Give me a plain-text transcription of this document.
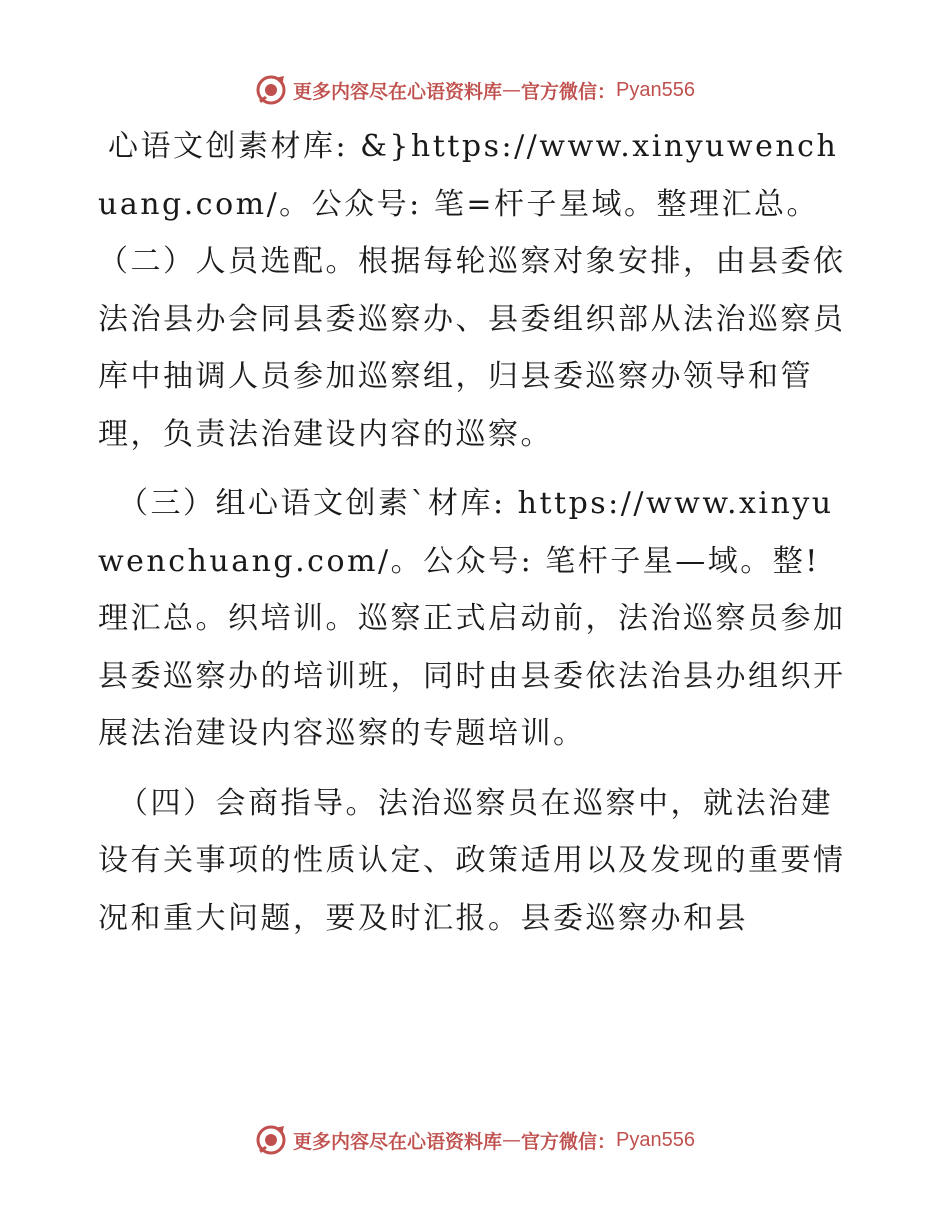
更多内容尽在心语资料库 — 官方微信： Pyan556

心语文创素材库: &}https://www.xinyuwenchuang.com/。公众号: 笔=杆子星域。整理汇总。（二）人员选配。根据每轮巡察对象安排，由县委依法治县办会同县委巡察办、县委组织部从法治巡察员库中抽调人员参加巡察组，归县委巡察办领导和管理，负责法治建设内容的巡察。

（三）组心语文创素`材库: https://www.xinyuwenchuang.com/。公众号: 笔杆子星—域。整! 理汇总。织培训。巡察正式启动前，法治巡察员参加县委巡察办的培训班，同时由县委依法治县办组织开展法治建设内容巡察的专题培训。

（四）会商指导。法治巡察员在巡察中，就法治建设有关事项的性质认定、政策适用以及发现的重要情况和重大问题，要及时汇报。县委巡察办和县

更多内容尽在心语资料库 — 官方微信： Pyan556
